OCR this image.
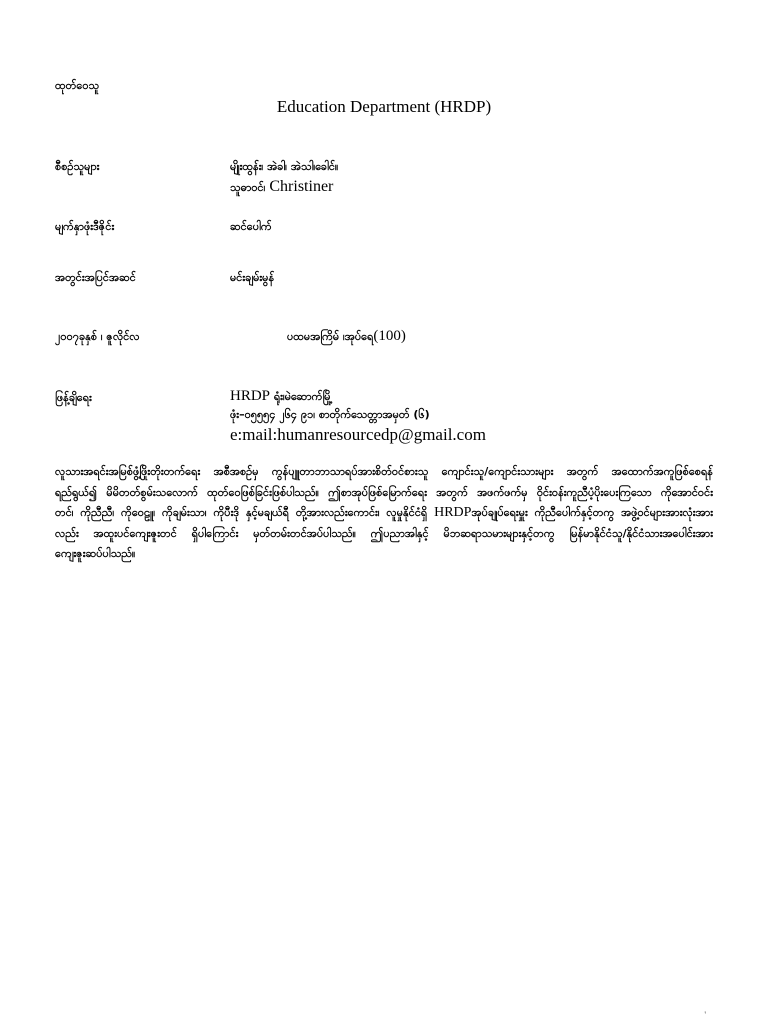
ထုတ်ဝေသူ
Education Department (HRDP)
စီစဉ်သူများ	မျိုးထွန်း၊ အဲခါ၊ အဲသါ၊ခေါင်။
သူဓာဝင်၊ Christiner
မျက်နှာဖုံးဒီဇိုင်း	ဆင်ပေါက်
အတွင်းအပြင်အဆင်	မင်းချမ်းမွန်
၂၀၀၇ခုနှစ် ၊ ဇူလိုင်လ	ပထမအကြိမ် ၊အုပ်ရေ(100)
ဖြန့်ချိရေး	HRDP ရုံး၊မဲဆောက်မြို့
ဖုံး–၀၅၅၅၄ ၂၆၄ ၉၁၊ စာတိုက်သေတ္တာအမှတ် (၆)
e:mail:humanresourcedp@gmail.com
လူသားအရင်းအမြစ်ဖွံ့ဖြိုးတိုးတက်ရေး အစီအစဉ်မှ ကွန်ပျူတာဘာသာရပ်အားစိတ်ဝင်စားသူ ကျောင်းသူ/ကျောင်းသားများ အတွက် အထောက်အကူဖြစ်စေရန်ရည်ရွယ်၍ မိမိတတ်စွမ်းသလောက် ထုတ်ဝေဖြစ်ခြင်းဖြစ်ပါသည်။ ဤစာအုပ်ဖြစ်မြောက်ရေး အတွက် အဖက်ဖက်မှ ဝိုင်းဝန်းကူညီပံ့ပိုးပေးကြသော ကိုအောင်ဝင်းတင်၊ ကိုညီညီ၊ ကိုဝေဠူ၊ ကိုချမ်းသာ၊ ကိုပီးဒို နှင့်မချယ်ရီ တို့အားလည်းကောင်း၊ လူမှုနိုင်ငံရှိ HRDPအုပ်ချုပ်ရေးမှူး ကိုညီပေါက်နှင့်တကွ အဖွဲ့ဝင်များအားလုံးအားလည်း အထူးပင်ကျေးဇူးတင် ရှိပါကြောင်း မှတ်တမ်းတင်အပ်ပါသည်။ ဤပညာအါနှင့် မိဘဆရာသမားများနှင့်တကွ မြန်မာနိုင်ငံသူ/နိုင်ငံသားအပေါင်းအား ကျေးဇူးဆပ်ပါသည်။
'
